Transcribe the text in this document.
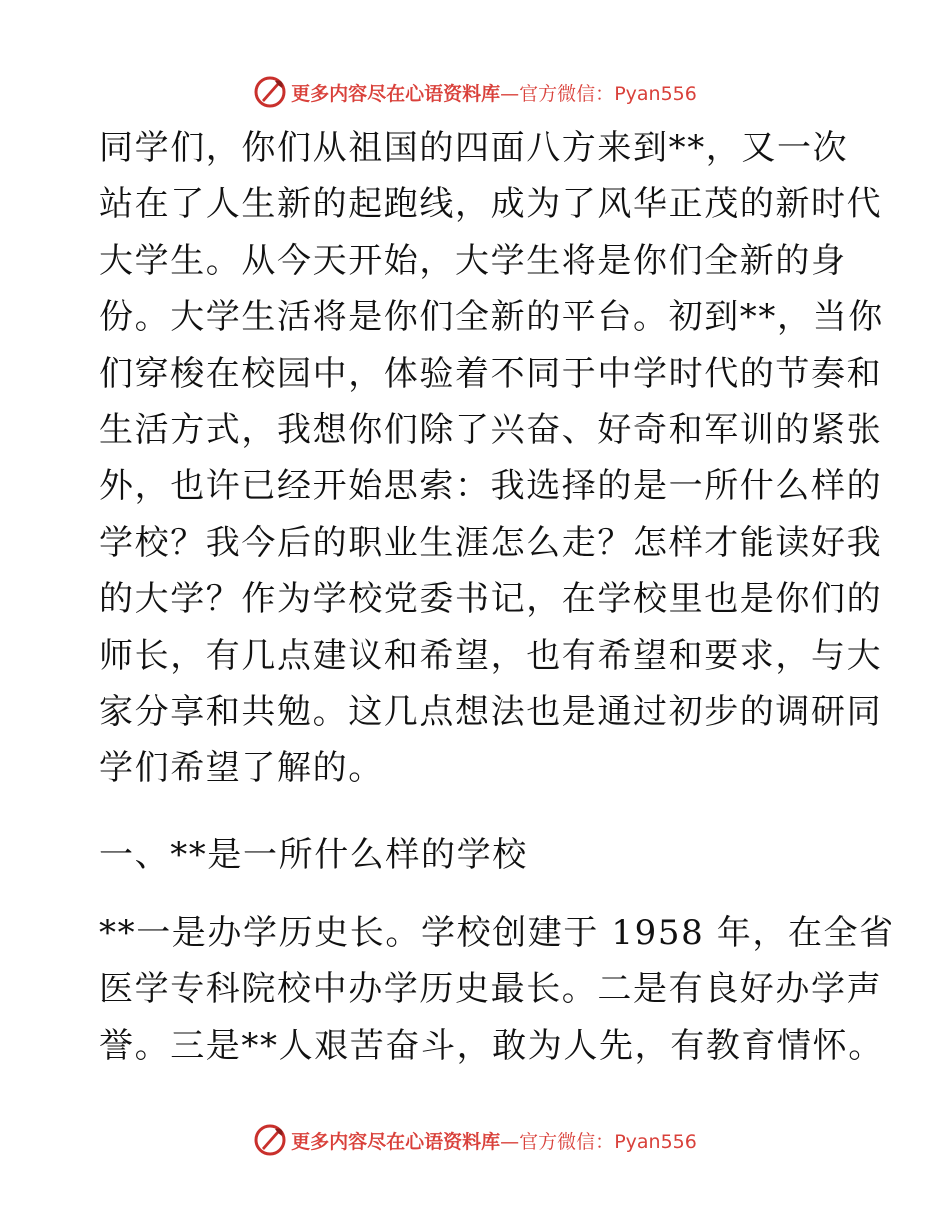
更多内容尽在心语资料库—官方微信：Pyan556
同学们，你们从祖国的四面八方来到**，又一次
站在了人生新的起跑线，成为了风华正茂的新时代
大学生。从今天开始，大学生将是你们全新的身
份。大学生活将是你们全新的平台。初到**，当你
们穿梭在校园中，体验着不同于中学时代的节奏和
生活方式，我想你们除了兴奋、好奇和军训的紧张
外，也许已经开始思索：我选择的是一所什么样的
学校？我今后的职业生涯怎么走？怎样才能读好我
的大学？作为学校党委书记，在学校里也是你们的
师长，有几点建议和希望，也有希望和要求，与大
家分享和共勉。这几点想法也是通过初步的调研同
学们希望了解的。
一、**是一所什么样的学校
**一是办学历史长。学校创建于 1958 年，在全省
医学专科院校中办学历史最长。二是有良好办学声
誉。三是**人艰苦奋斗，敢为人先，有教育情怀。
更多内容尽在心语资料库—官方微信：Pyan556
